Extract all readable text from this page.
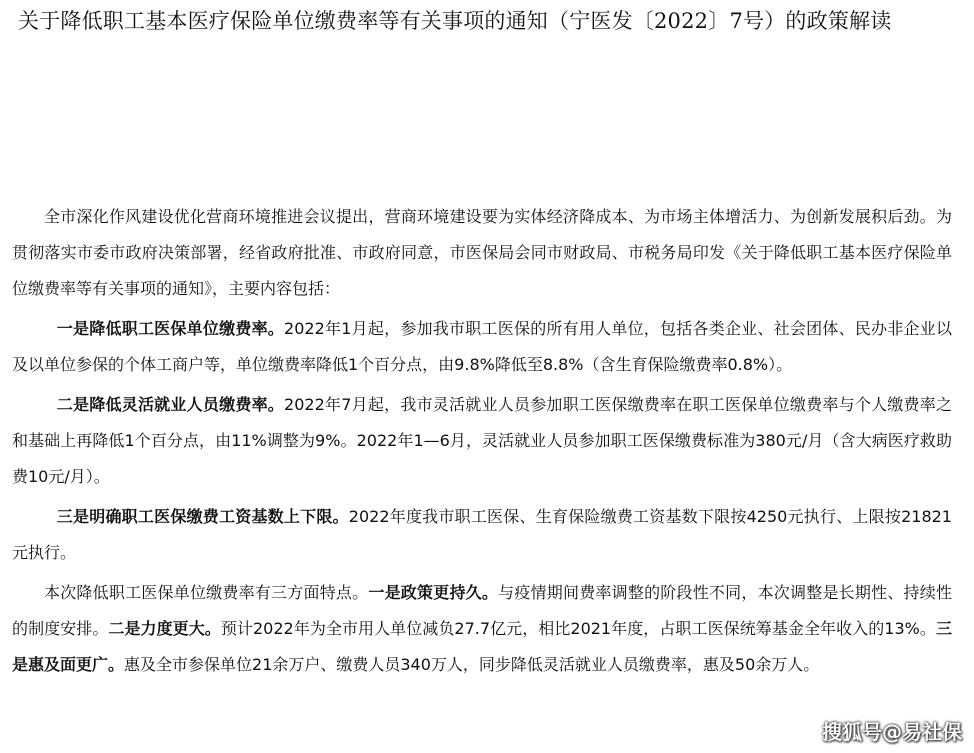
关于降低职工基本医疗保险单位缴费率等有关事项的通知（宁医发〔2022〕7号）的政策解读

全市深化作风建设优化营商环境推进会议提出，营商环境建设要为实体经济降成本、为市场主体增活力、为创新发展积后劲。为贯彻落实市委市政府决策部署，经省政府批准、市政府同意，市医保局会同市财政局、市税务局印发《关于降低职工基本医疗保险单位缴费率等有关事项的通知》，主要内容包括：

一是降低职工医保单位缴费率。2022年1月起，参加我市职工医保的所有用人单位，包括各类企业、社会团体、民办非企业以及以单位参保的个体工商户等，单位缴费率降低1个百分点，由9.8%降低至8.8%（含生育保险缴费率0.8%）。

二是降低灵活就业人员缴费率。2022年7月起，我市灵活就业人员参加职工医保缴费率在职工医保单位缴费率与个人缴费率之和基础上再降低1个百分点，由11%调整为9%。2022年1—6月，灵活就业人员参加职工医保缴费标准为380元/月（含大病医疗救助费10元/月）。

三是明确职工医保缴费工资基数上下限。2022年度我市职工医保、生育保险缴费工资基数下限按4250元执行、上限按21821元执行。

本次降低职工医保单位缴费率有三方面特点。一是政策更持久。与疫情期间费率调整的阶段性不同，本次调整是长期性、持续性的制度安排。二是力度更大。预计2022年为全市用人单位减负27.7亿元，相比2021年度，占职工医保统筹基金全年收入的13%。三是惠及面更广。惠及全市参保单位21余万户、缴费人员340万人，同步降低灵活就业人员缴费率，惠及50余万人。

搜狐号@易社保
